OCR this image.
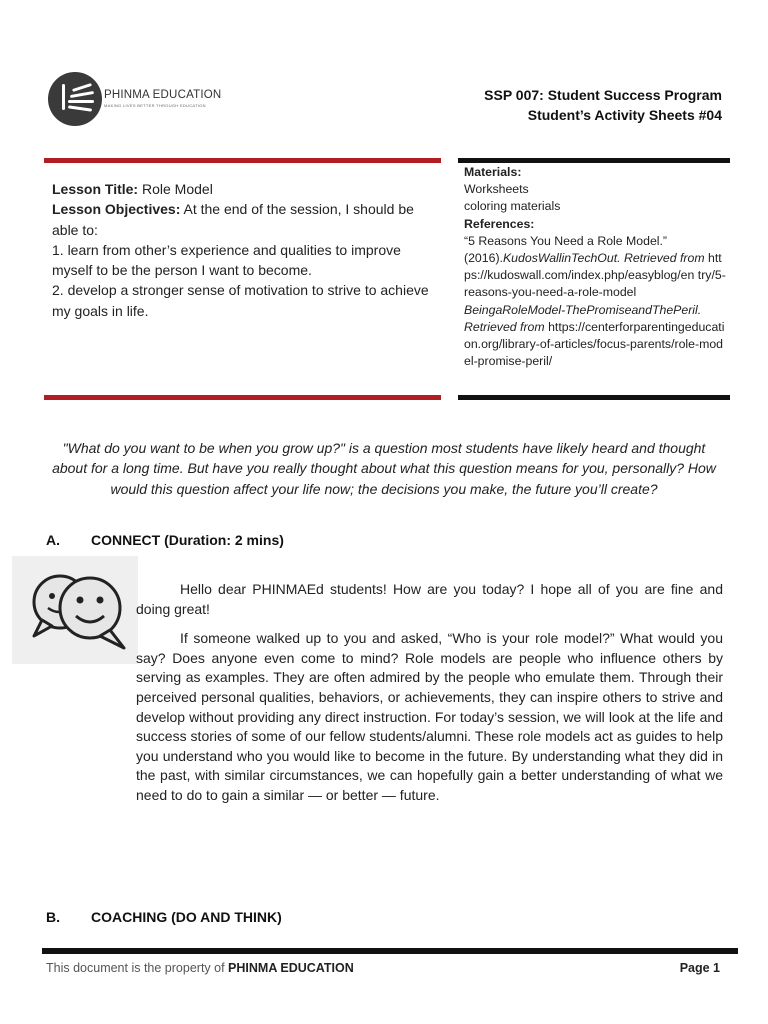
PHINMA EDUCATION
MAKING LIVES BETTER THROUGH EDUCATION
SSP 007: Student Success Program
Student’s Activity Sheets #04
Lesson Title: Role Model
Lesson Objectives: At the end of the session, I should be able to:
1. learn from other’s experience and qualities to improve myself to be the person I want to become.
2. develop a stronger sense of motivation to strive to achieve my goals in life.
Materials:
Worksheets
coloring materials
References:
“5 Reasons You Need a Role Model.” (2016).KudosWallinTechOut. Retrieved from https://kudoswall.com/index.php/easyblog/en try/5-reasons-you-need-a-role-model
BeingaRoleModel-ThePromiseandThePeril. Retrieved from https://centerforparentingeducation.org/library-of-articles/focus-parents/role-model-promise-peril/
"What do you want to be when you grow up?" is a question most students have likely heard and thought about for a long time. But have you really thought about what this question means for you, personally? How would this question affect your life now; the decisions you make, the future you’ll create?
A. CONNECT (Duration: 2 mins)

Hello dear PHINMAEd students! How are you today? I hope all of you are fine and doing great!

If someone walked up to you and asked, “Who is your role model?” What would you say? Does anyone even come to mind? Role models are people who influence others by serving as examples. They are often admired by the people who emulate them. Through their perceived personal qualities, behaviors, or achievements, they can inspire others to strive and develop without providing any direct instruction. For today’s session, we will look at the life and success stories of some of our fellow students/alumni. These role models act as guides to help you understand who you would like to become in the future. By understanding what they did in the past, with similar circumstances, we can hopefully gain a better understanding of what we need to do to gain a similar — or better — future.

B. COACHING (DO AND THINK)
This document is the property of PHINMA EDUCATION	Page 1
